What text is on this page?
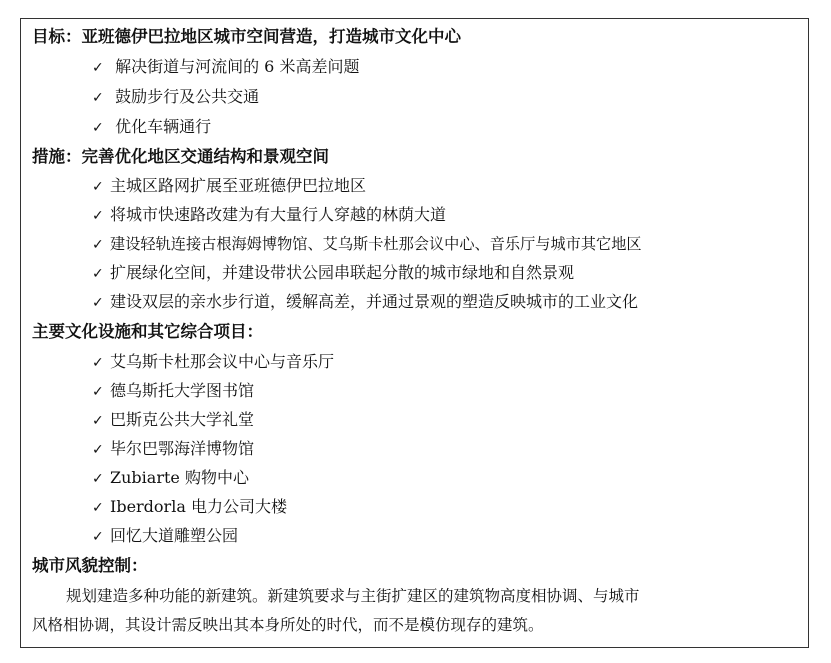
目标：亚班德伊巴拉地区城市空间营造，打造城市文化中心
✓ 解决街道与河流间的 6 米高差问题
✓ 鼓励步行及公共交通
✓ 优化车辆通行
措施：完善优化地区交通结构和景观空间
✓ 主城区路网扩展至亚班德伊巴拉地区
✓ 将城市快速路改建为有大量行人穿越的林荫大道
✓ 建设轻轨连接古根海姆博物馆、艾乌斯卡杜那会议中心、音乐厅与城市其它地区
✓ 扩展绿化空间，并建设带状公园串联起分散的城市绿地和自然景观
✓ 建设双层的亲水步行道，缓解高差，并通过景观的塑造反映城市的工业文化
主要文化设施和其它综合项目：
✓ 艾乌斯卡杜那会议中心与音乐厅
✓ 德乌斯托大学图书馆
✓ 巴斯克公共大学礼堂
✓ 毕尔巴鄂海洋博物馆
✓ Zubiarte 购物中心
✓ Iberdorla 电力公司大楼
✓ 回忆大道雕塑公园
城市风貌控制：
规划建造多种功能的新建筑。新建筑要求与主街扩建区的建筑物高度相协调、与城市
风格相协调，其设计需反映出其本身所处的时代，而不是模仿现存的建筑。
